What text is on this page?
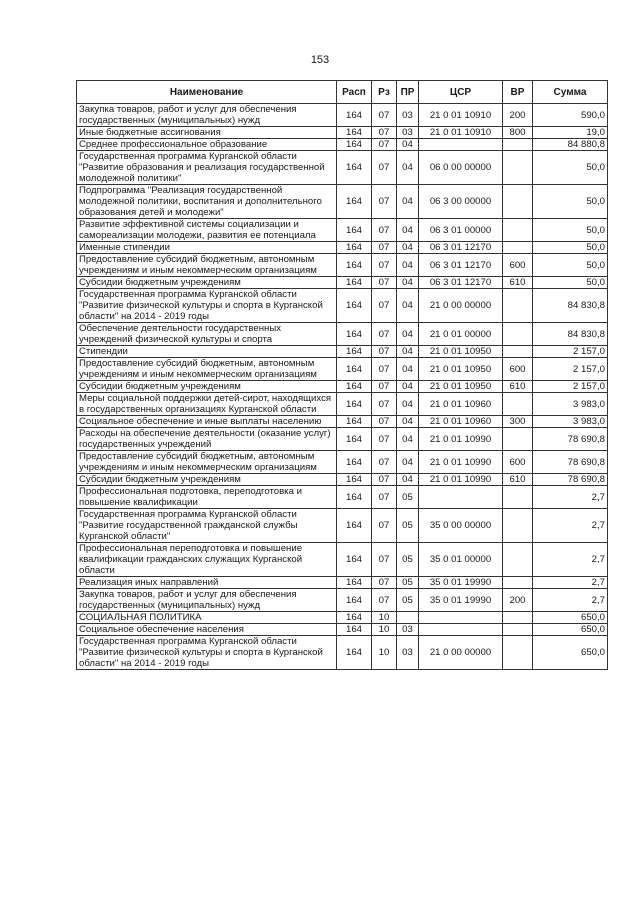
153
Наименование	Расп	Рз	ПР	ЦСР	ВР	Сумма
Закупка товаров, работ и услуг для обеспечения государственных (муниципальных) нужд	164	07	03	21 0 01 10910	200	590,0
Иные бюджетные ассигнования	164	07	03	21 0 01 10910	800	19,0
Среднее профессиональное образование	164	07	04			84 880,8
Государственная программа Курганской области "Развитие образования и реализация государственной молодежной политики"	164	07	04	06 0 00 00000		50,0
Подпрограмма "Реализация государственной молодежной политики, воспитания и дополнительного образования детей и молодежи"	164	07	04	06 3 00 00000		50,0
Развитие эффективной системы социализации и самореализации молодежи, развития ее потенциала	164	07	04	06 3 01 00000		50,0
Именные стипендии	164	07	04	06 3 01 12170		50,0
Предоставление субсидий бюджетным, автономным учреждениям и иным некоммерческим организациям	164	07	04	06 3 01 12170	600	50,0
Субсидии бюджетным учреждениям	164	07	04	06 3 01 12170	610	50,0
Государственная программа Курганской области "Развитие физической культуры и спорта в Курганской области" на 2014 - 2019 годы	164	07	04	21 0 00 00000		84 830,8
Обеспечение деятельности государственных учреждений физической культуры и спорта	164	07	04	21 0 01 00000		84 830,8
Стипендии	164	07	04	21 0 01 10950		2 157,0
Предоставление субсидий бюджетным, автономным учреждениям и иным некоммерческим организациям	164	07	04	21 0 01 10950	600	2 157,0
Субсидии бюджетным учреждениям	164	07	04	21 0 01 10950	610	2 157,0
Меры социальной поддержки детей-сирот, находящихся в государственных организациях Курганской области	164	07	04	21 0 01 10960		3 983,0
Социальное обеспечение и иные выплаты населению	164	07	04	21 0 01 10960	300	3 983,0
Расходы на обеспечение деятельности (оказание услуг) государственных учреждений	164	07	04	21 0 01 10990		78 690,8
Предоставление субсидий бюджетным, автономным учреждениям и иным некоммерческим организациям	164	07	04	21 0 01 10990	600	78 690,8
Субсидии бюджетным учреждениям	164	07	04	21 0 01 10990	610	78 690,8
Профессиональная подготовка, переподготовка и повышение квалификации	164	07	05			2,7
Государственная программа Курганской области "Развитие государственной гражданской службы Курганской области"	164	07	05	35 0 00 00000		2,7
Профессиональная переподготовка и повышение квалификации гражданских служащих Курганской области	164	07	05	35 0 01 00000		2,7
Реализация иных направлений	164	07	05	35 0 01 19990		2,7
Закупка товаров, работ и услуг для обеспечения государственных (муниципальных) нужд	164	07	05	35 0 01 19990	200	2,7
СОЦИАЛЬНАЯ ПОЛИТИКА	164	10				650,0
Социальное обеспечение населения	164	10	03			650,0
Государственная программа Курганской области "Развитие физической культуры и спорта в Курганской области" на 2014 - 2019 годы	164	10	03	21 0 00 00000		650,0
